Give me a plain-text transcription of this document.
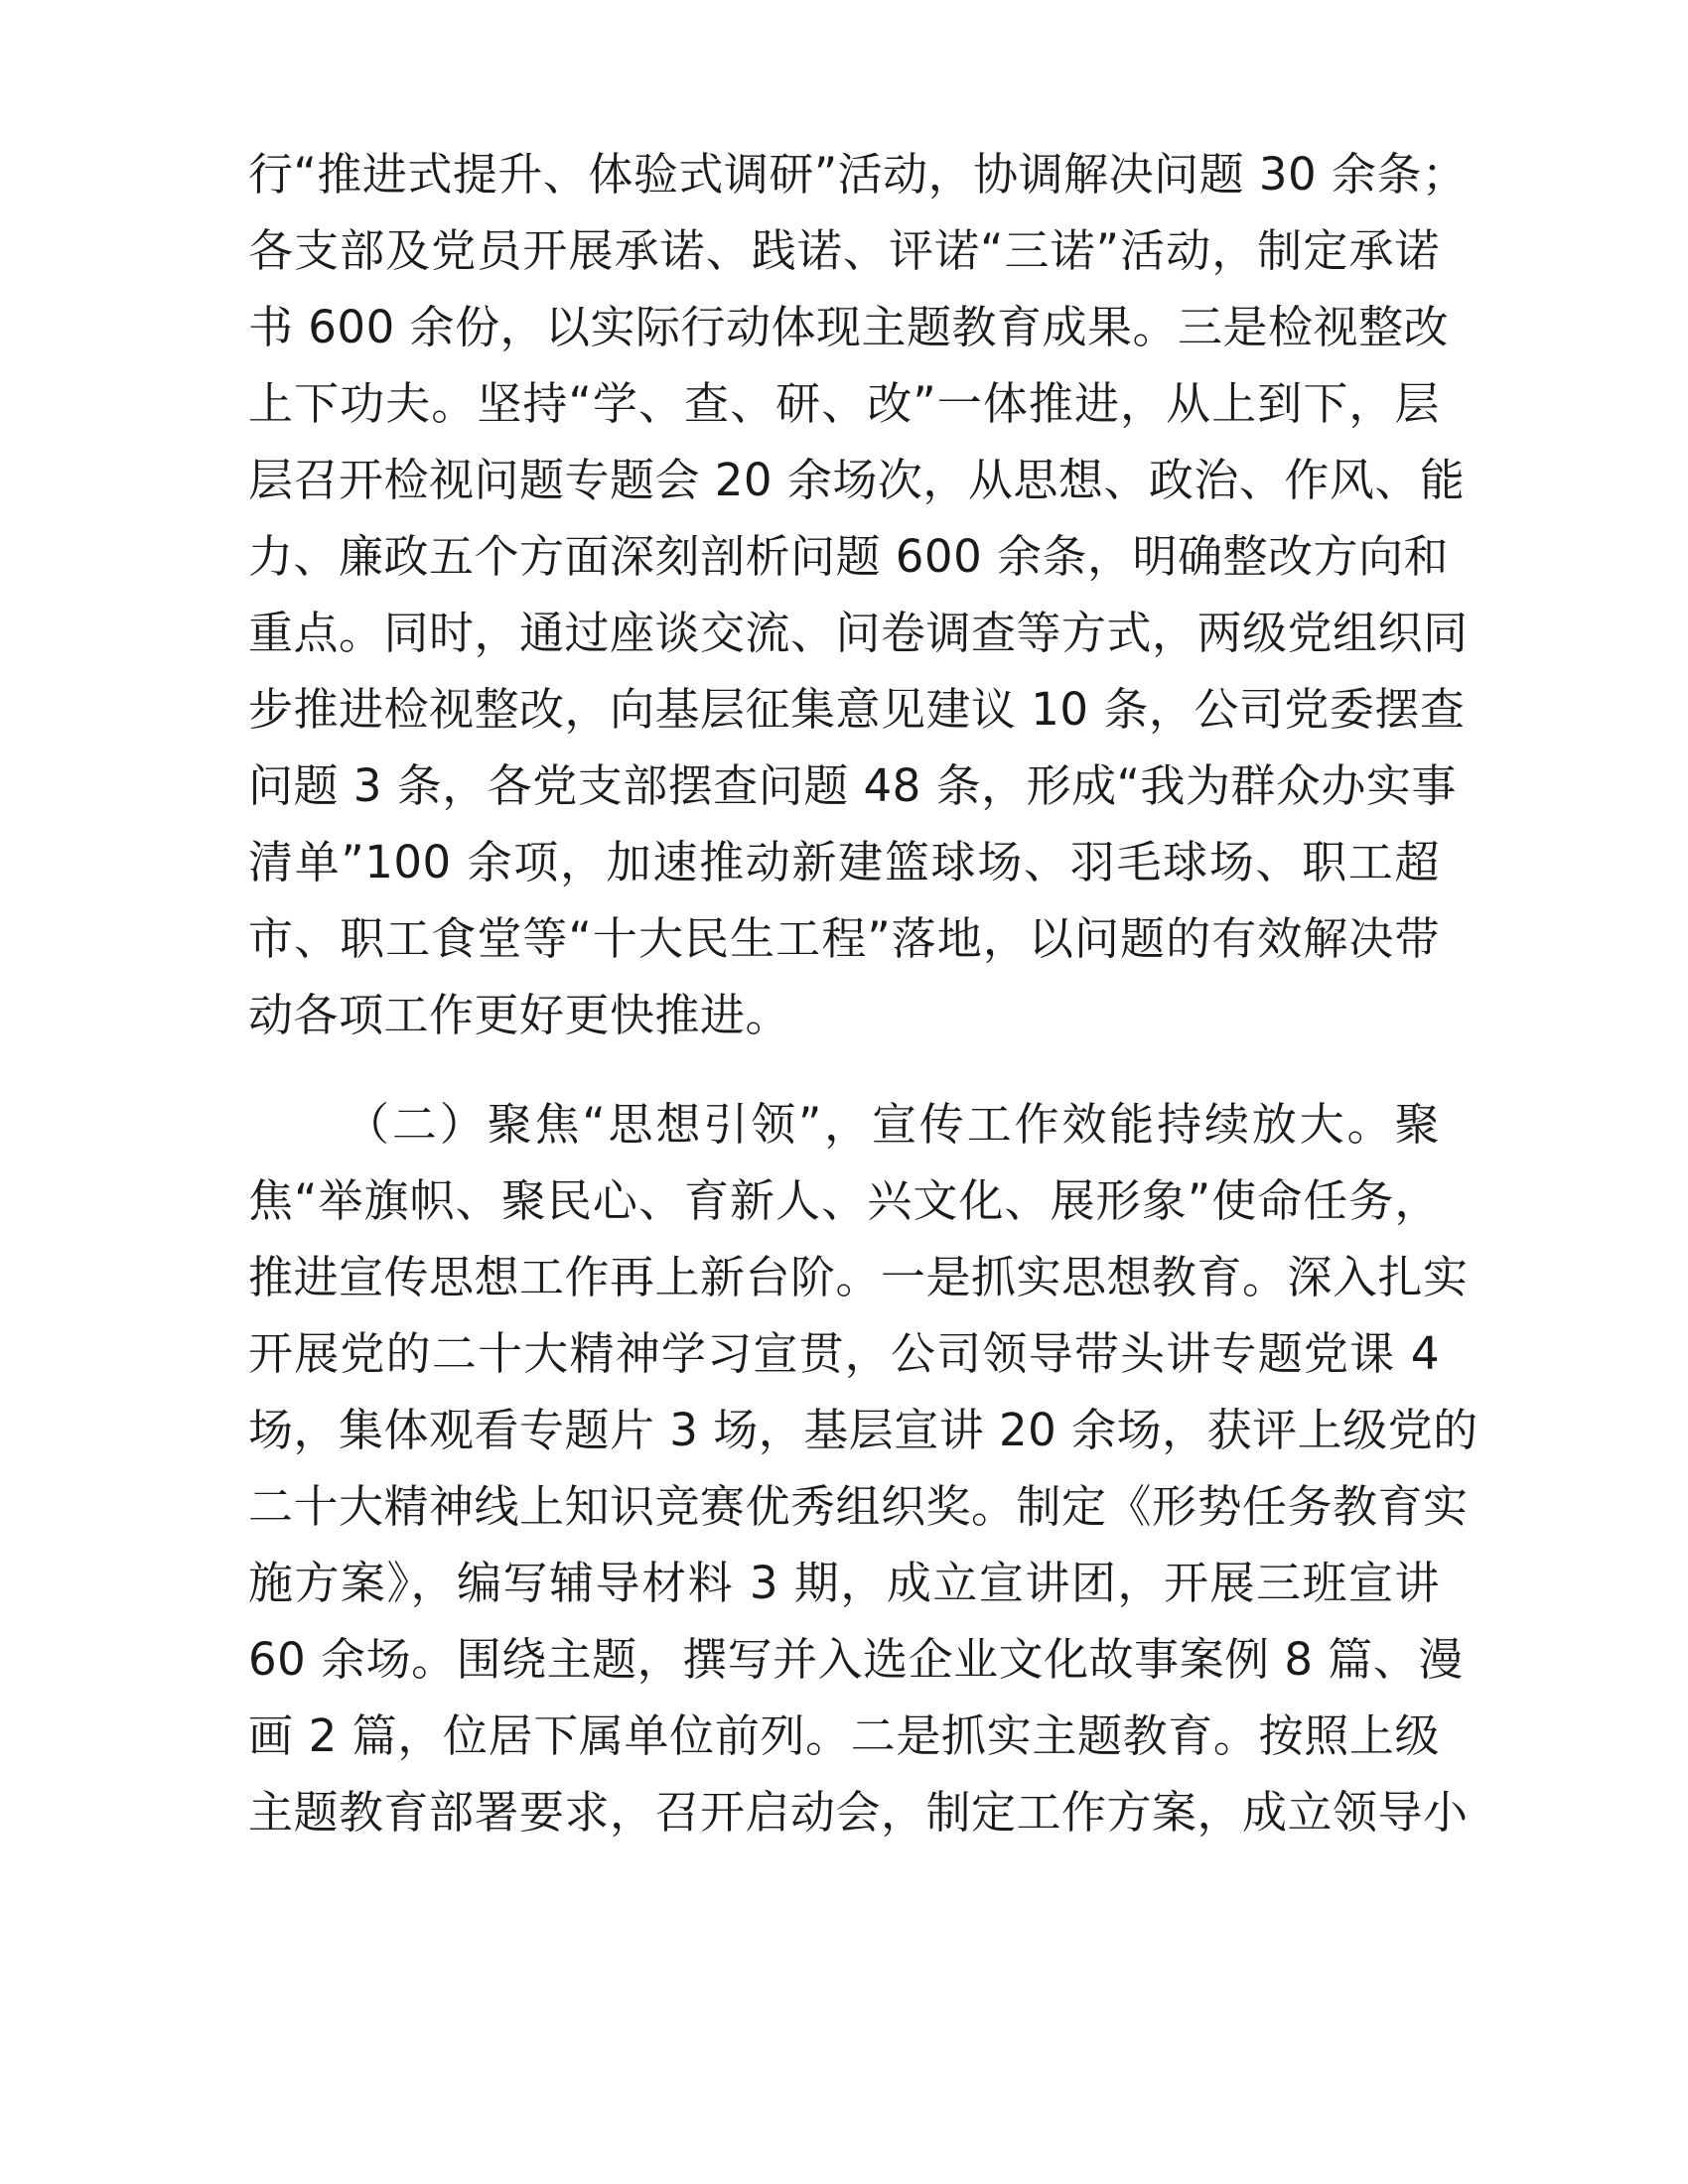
行“推进式提升、体验式调研”活动，协调解决问题 30 余条；
各支部及党员开展承诺、践诺、评诺“三诺”活动，制定承诺
书 600 余份，以实际行动体现主题教育成果。三是检视整改
上下功夫。坚持“学、查、研、改”一体推进，从上到下，层
层召开检视问题专题会 20 余场次，从思想、政治、作风、能
力、廉政五个方面深刻剖析问题 600 余条，明确整改方向和
重点。同时，通过座谈交流、问卷调查等方式，两级党组织同
步推进检视整改，向基层征集意见建议 10 条，公司党委摆查
问题 3 条，各党支部摆查问题 48 条，形成“我为群众办实事
清单”100 余项，加速推动新建篮球场、羽毛球场、职工超
市、职工食堂等“十大民生工程”落地，以问题的有效解决带
动各项工作更好更快推进。
（二）聚焦“思想引领”，宣传工作效能持续放大。聚
焦“举旗帜、聚民心、育新人、兴文化、展形象”使命任务，
推进宣传思想工作再上新台阶。一是抓实思想教育。深入扎实
开展党的二十大精神学习宣贯，公司领导带头讲专题党课 4
场，集体观看专题片 3 场，基层宣讲 20 余场，获评上级党的
二十大精神线上知识竞赛优秀组织奖。制定《形势任务教育实
施方案》，编写辅导材料 3 期，成立宣讲团，开展三班宣讲
60 余场。围绕主题，撰写并入选企业文化故事案例 8 篇、漫
画 2 篇，位居下属单位前列。二是抓实主题教育。按照上级
主题教育部署要求，召开启动会，制定工作方案，成立领导小
